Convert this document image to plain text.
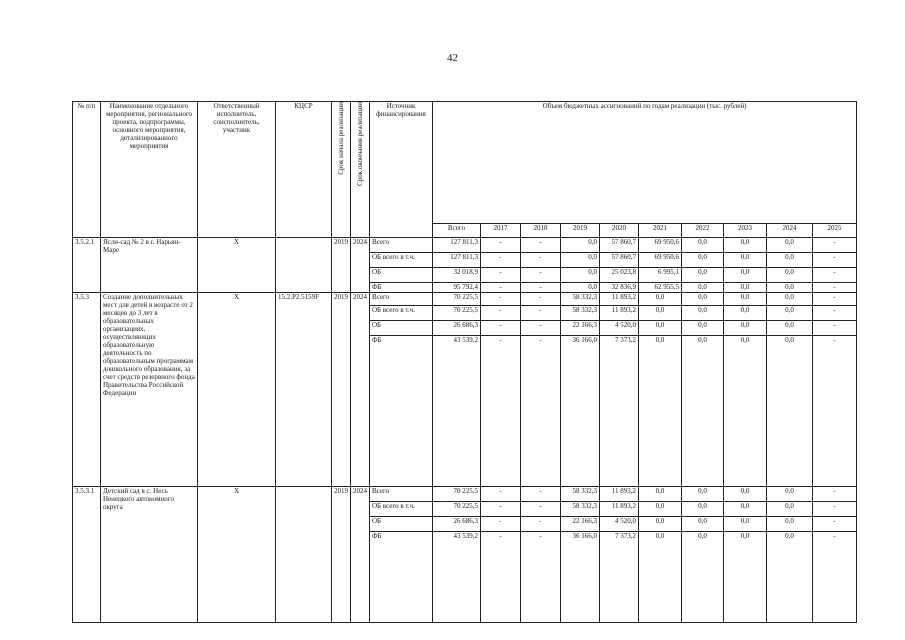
42
№ п/п	Наименование отдельного мероприятия, регионального проекта, подпрограммы, основного мероприятия, детализированного мероприятия	Ответственный исполнитель, соисполнитель, участник	КЦСР	Срок начала реализации	Срок окончания реализации	Источник финансирования	Объем бюджетных ассигнований по годам реализации (тыс. рублей)									
							Всего	2017	2018	2019	2020	2021	2022	2023	2024	2025
3.5.2.1	Ясли-сад № 2 в г. Нарьян-Маре	Х		2019	2024	Всего	127 811,3	-	-	0,0	57 860,7	69 950,6	0,0	0,0	0,0	-
						ОБ всего в т.ч.	127 811,3	-	-	0,0	57 860,7	69 950,6	0,0	0,0	0,0	-
						ОБ	32 018,9	-	-	0,0	25 023,8	6 995,1	0,0	0,0	0,0	-
						ФБ	95 792,4	-	-	0,0	32 836,9	62 955,5	0,0	0,0	0,0	-
3.5.3	Создание дополнительных мест для детей в возрасте от 2 месяцев до 3 лет в образовательных организациях, осуществляющих образовательную деятельность по образовательным программам дошкольного образования, за счет средств резервного фонда Правительства Российской Федерации	Х	15.2.Р2.5159F	2019	2024	Всего	70 225,5	-	-	58 332,3	11 893,2	0,0	0,0	0,0	0,0	-
						ОБ всего в т.ч.	70 225,5	-	-	58 332,3	11 893,2	0,0	0,0	0,0	0,0	-
						ОБ	26 686,3	-	-	22 166,3	4 520,0	0,0	0,0	0,0	0,0	-
						ФБ	43 539,2	-	-	36 166,0	7 373,2	0,0	0,0	0,0	0,0	-
3.5.3.1	Детский сад в с. Несь Ненецкого автономного округа	Х		2019	2024	Всего	70 225,5	-	-	58 332,3	11 893,2	0,0	0,0	0,0	0,0	-
						ОБ всего в т.ч.	70 225,5	-	-	58 332,3	11 893,2	0,0	0,0	0,0	0,0	-
						ОБ	26 686,3	-	-	22 166,3	4 520,0	0,0	0,0	0,0	0,0	-
						ФБ	43 539,2	-	-	36 166,0	7 373,2	0,0	0,0	0,0	0,0	-
